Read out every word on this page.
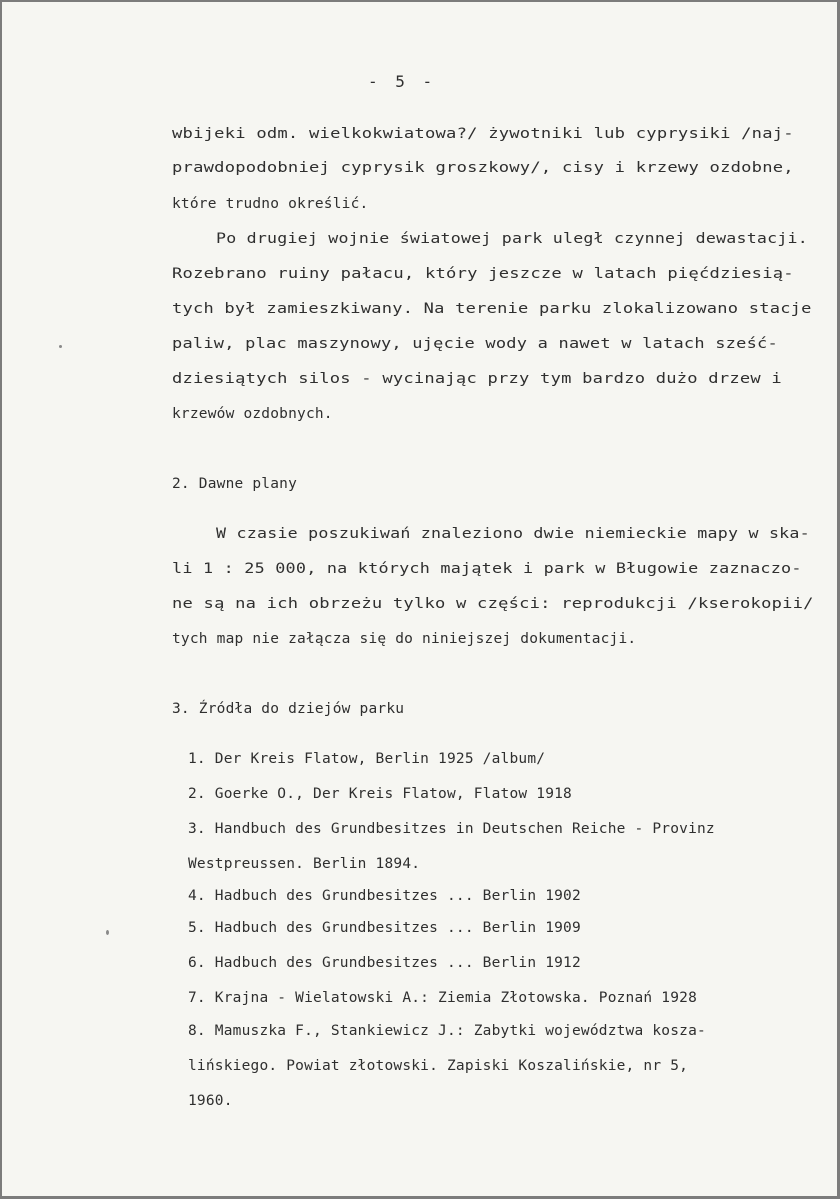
- 5 -
wbijeki odm. wielkokwiatowa?/ żywotniki lub cyprysiki /naj-
prawdopodobniej cyprysik groszkowy/, cisy i krzewy ozdobne,
które trudno określić.
Po drugiej wojnie światowej park uległ czynnej dewastacji.
Rozebrano ruiny pałacu, który jeszcze w latach pięćdziesią-
tych był zamieszkiwany. Na terenie parku zlokalizowano stacje
paliw, plac maszynowy, ujęcie wody a nawet w latach sześć-
dziesiątych silos - wycinając przy tym bardzo dużo drzew i
krzewów ozdobnych.
2. Dawne plany
W czasie poszukiwań znaleziono dwie niemieckie mapy w ska-
li 1 : 25 000, na których majątek i park w Bługowie zaznaczo-
ne są na ich obrzeżu tylko w części: reprodukcji /kserokopii/
tych map nie załącza się do niniejszej dokumentacji.
3. Źródła do dziejów parku
1. Der Kreis Flatow, Berlin 1925 /album/
2. Goerke O., Der Kreis Flatow, Flatow 1918
3. Handbuch des Grundbesitzes in Deutschen Reiche - Provinz
Westpreussen. Berlin 1894.
4. Hadbuch des Grundbesitzes ... Berlin 1902
5. Hadbuch des Grundbesitzes ... Berlin 1909
6. Hadbuch des Grundbesitzes ... Berlin 1912
7. Krajna - Wielatowski A.: Ziemia Złotowska. Poznań 1928
8. Mamuszka F., Stankiewicz J.: Zabytki województwa kosza-
lińskiego. Powiat złotowski. Zapiski Koszalińskie, nr 5,
1960.
